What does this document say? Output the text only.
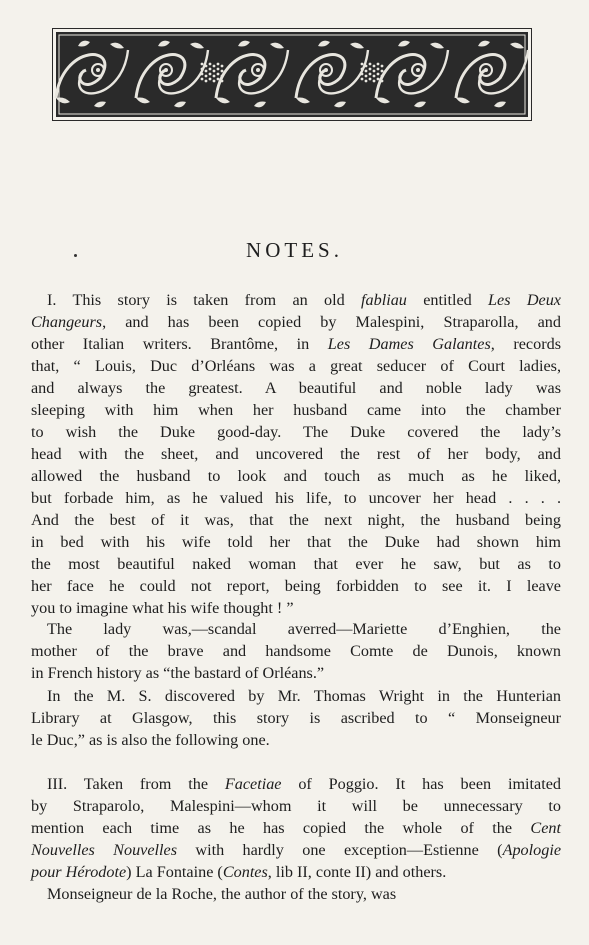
NOTES.
I. This story is taken from an old fabliau entitled Les Deux
Changeurs, and has been copied by Malespini, Straparolla, and
other Italian writers. Brantôme, in Les Dames Galantes, records
that, “ Louis, Duc d’Orléans was a great seducer of Court ladies,
and always the greatest. A beautiful and noble lady was
sleeping with him when her husband came into the chamber
to wish the Duke good-day. The Duke covered the lady’s
head with the sheet, and uncovered the rest of her body, and
allowed the husband to look and touch as much as he liked,
but forbade him, as he valued his life, to uncover her head . . . .
And the best of it was, that the next night, the husband being
in bed with his wife told her that the Duke had shown him
the most beautiful naked woman that ever he saw, but as to
her face he could not report, being forbidden to see it. I leave
you to imagine what his wife thought ! ”
The lady was,—scandal averred—Mariette d’Enghien, the
mother of the brave and handsome Comte de Dunois, known
in French history as “the bastard of Orléans.”
In the M. S. discovered by Mr. Thomas Wright in the Hunterian
Library at Glasgow, this story is ascribed to “ Monseigneur
le Duc,” as is also the following one.
III. Taken from the Facetiae of Poggio. It has been imitated
by Straparolo, Malespini—whom it will be unnecessary to
mention each time as he has copied the whole of the Cent
Nouvelles Nouvelles with hardly one exception—Estienne (Apologie
pour Hérodote) La Fontaine (Contes, lib II, conte II) and others.
Monseigneur de la Roche, the author of the story, was
